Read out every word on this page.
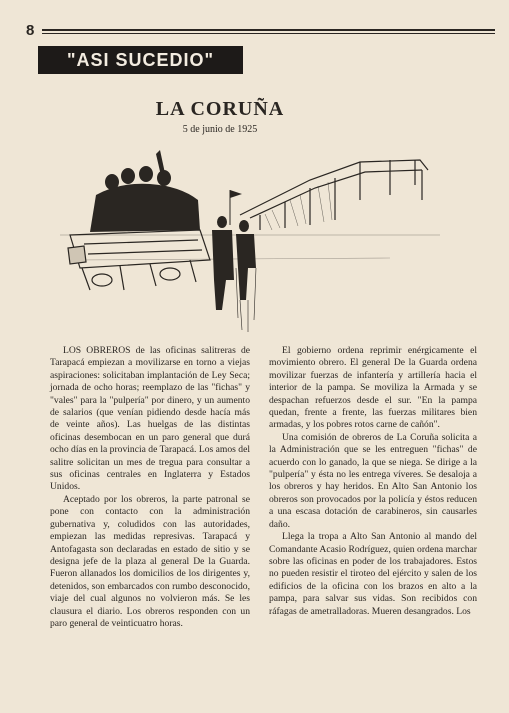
8
"ASI SUCEDIO"
LA CORUÑA
5 de junio de 1925

LOS OBREROS de las oficinas salitreras de Tarapacá empiezan a movilizarse en torno a viejas aspiraciones: solicitaban implantación de Ley Seca; jornada de ocho horas; reemplazo de las "fichas" y "vales" para la "pulpería" por dinero, y un aumento de salarios (que venían pidiendo desde hacía más de veinte años). Las huelgas de las distintas oficinas desembocan en un paro general que durá ocho días en la provincia de Tarapacá. Los amos del salitre solicitan un mes de tregua para consultar a sus oficinas centrales en Inglaterra y Estados Unidos.

Aceptado por los obreros, la parte patronal se pone con contacto con la administración gubernativa y, coludidos con las autoridades, empiezan las medidas represivas. Tarapacá y Antofagasta son declaradas en estado de sitio y se designa jefe de la plaza al general De la Guarda. Fueron allanados los domicilios de los dirigentes y, detenidos, son embarcados con rumbo desconocido, viaje del cual algunos no volvieron más. Se les clausura el diario. Los obreros responden con un paro general de veinticuatro horas.

El gobierno ordena reprimir enérgicamente el movimiento obrero. El general De la Guarda ordena movilizar fuerzas de infantería y artillería hacia el interior de la pampa. Se moviliza la Armada y se despachan refuerzos desde el sur. "En la pampa quedan, frente a frente, las fuerzas militares bien armadas, y los pobres rotos carne de cañón".

Una comisión de obreros de La Coruña solicita a la Administración que se les entreguen "fichas" de acuerdo con lo ganado, la que se niega. Se dirige a la "pulpería" y ésta no les entrega víveres. Se desaloja a los obreros y hay heridos. En Alto San Antonio los obreros son provocados por la policía y éstos reducen a una escasa dotación de carabineros, sin causarles daño.

Llega la tropa a Alto San Antonio al mando del Comandante Acasio Rodríguez, quien ordena marchar sobre las oficinas en poder de los trabajadores. Estos no pueden resistir el tiroteo del ejército y salen de los edificios de la oficina con los brazos en alto a la pampa, para salvar sus vidas. Son recibidos con ráfagas de ametralladoras. Mueren desangrados. Los
